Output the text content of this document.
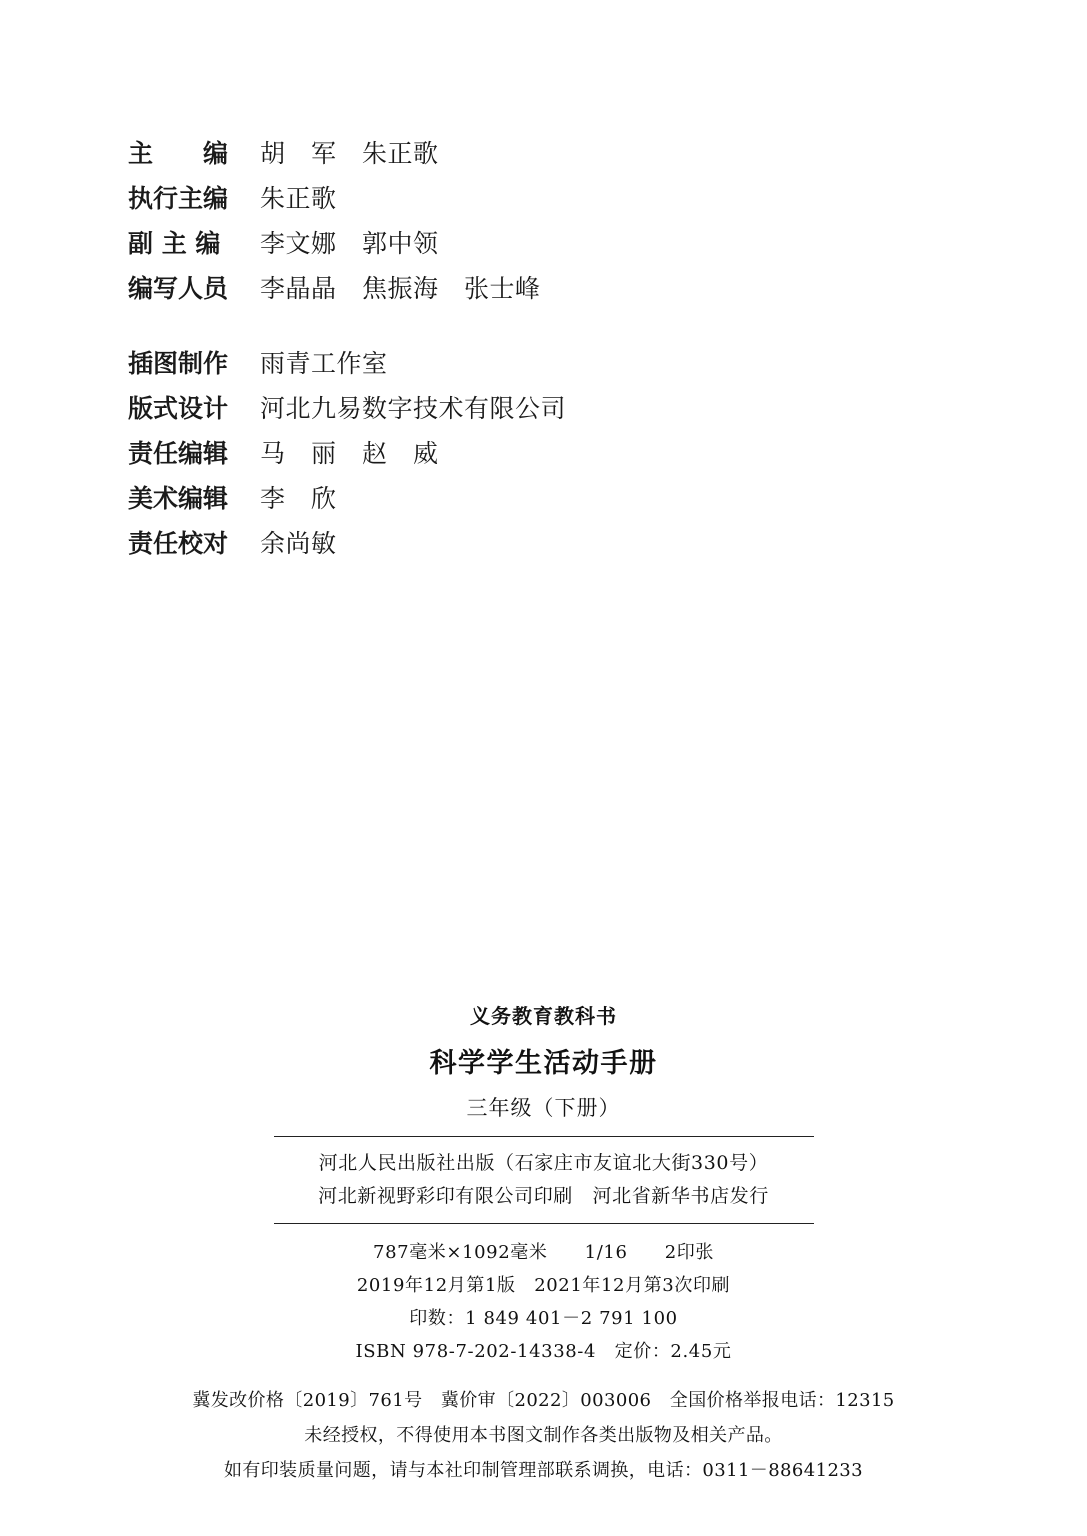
主　　编	胡　军　朱正歌
执行主编	朱正歌
副 主 编	李文娜　郭中领
编写人员	李晶晶　焦振海　张士峰
插图制作	雨青工作室
版式设计	河北九易数字技术有限公司
责任编辑	马　丽　赵　威
美术编辑	李　欣
责任校对	余尚敏
义务教育教科书
科学学生活动手册
三年级（下册）
河北人民出版社出版（石家庄市友谊北大街330号）
河北新视野彩印有限公司印刷　河北省新华书店发行
787毫米×1092毫米　　1/16　　2印张
2019年12月第1版　2021年12月第3次印刷
印数：1 849 401－2 791 100
ISBN 978-7-202-14338-4　定价：2.45元
冀发改价格〔2019〕761号　冀价审〔2022〕003006　全国价格举报电话：12315
未经授权，不得使用本书图文制作各类出版物及相关产品。
如有印装质量问题，请与本社印制管理部联系调换，电话：0311－88641233
